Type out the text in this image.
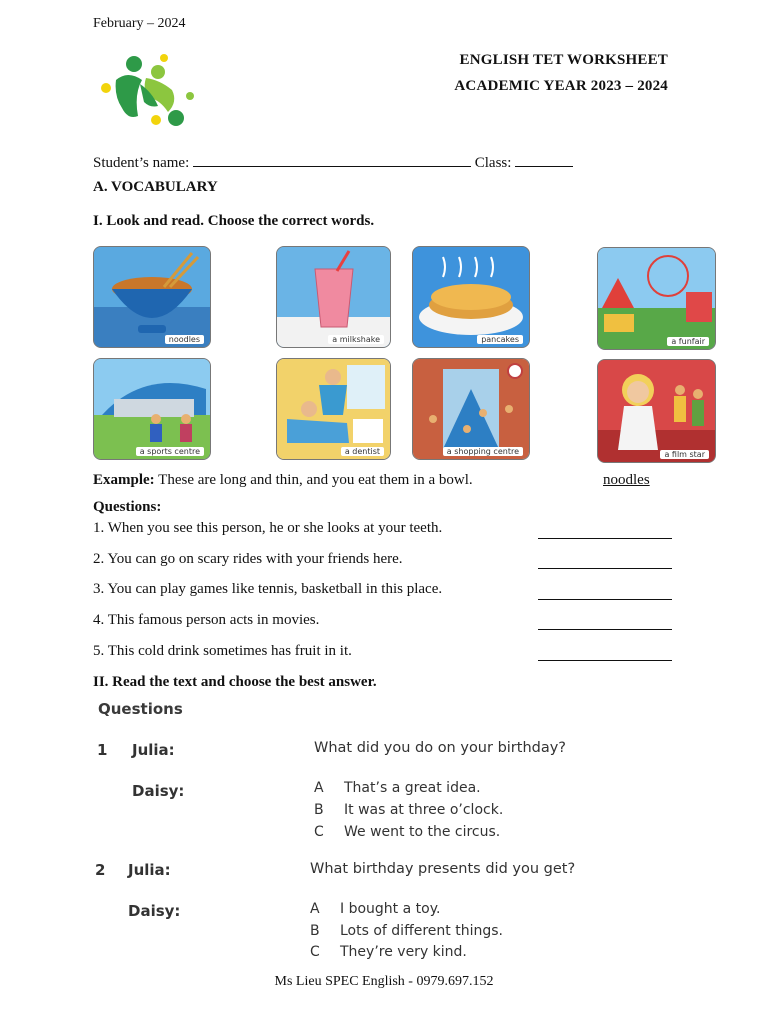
February – 2024
ENGLISH TET WORKSHEET
ACADEMIC YEAR 2023 – 2024
Student’s name:	Class:
A. VOCABULARY
I. Look and read. Choose the correct words.
noodles	a milkshake	pancakes	a funfair
a sports centre	a dentist	a shopping centre	a film star
Example: These are long and thin, and you eat them in a bowl.	noodles
Questions:
1. When you see this person, he or she looks at your teeth.
2. You can go on scary rides with your friends here.
3. You can play games like tennis, basketball in this place.
4. This famous person acts in movies.
5. This cold drink sometimes has fruit in it.
II. Read the text and choose the best answer.
Questions
1 Julia:	What did you do on your birthday?
Daisy:	A That’s a great idea.
B It was at three o’clock.
C We went to the circus.
2 Julia:	What birthday presents did you get?
Daisy:	A I bought a toy.
B Lots of different things.
C They’re very kind.
Ms Lieu SPEC English - 0979.697.152
